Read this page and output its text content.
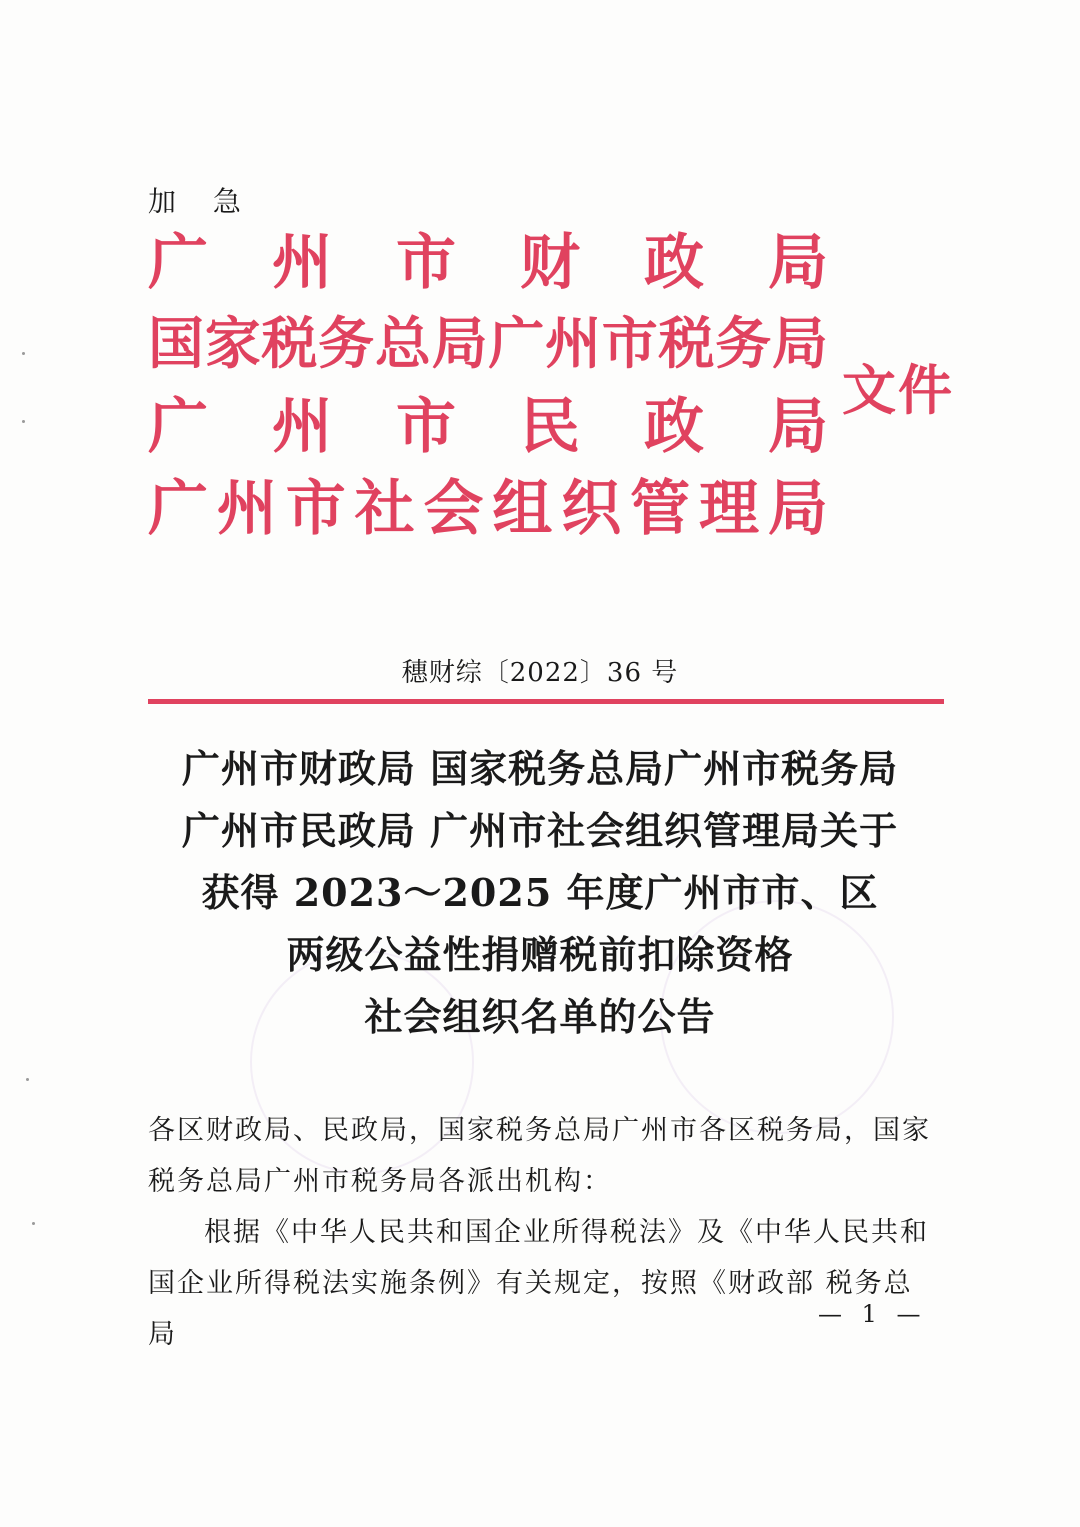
加 急
广 州 市 财 政 局
国 家 税 务 总 局 广 州 市 税 务 局
广 州 市 民 政 局
广 州 市 社 会 组 织 管 理 局
文件
穗财综〔2022〕36 号
广州市财政局 国家税务总局广州市税务局
广州市民政局 广州市社会组织管理局关于
获得 2023～2025 年度广州市市、区
两级公益性捐赠税前扣除资格
社会组织名单的公告

各区财政局、民政局，国家税务总局广州市各区税务局，国家税务总局广州市税务局各派出机构：

根据《中华人民共和国企业所得税法》及《中华人民共和国企业所得税法实施条例》有关规定，按照《财政部 税务总局

— 1 —
